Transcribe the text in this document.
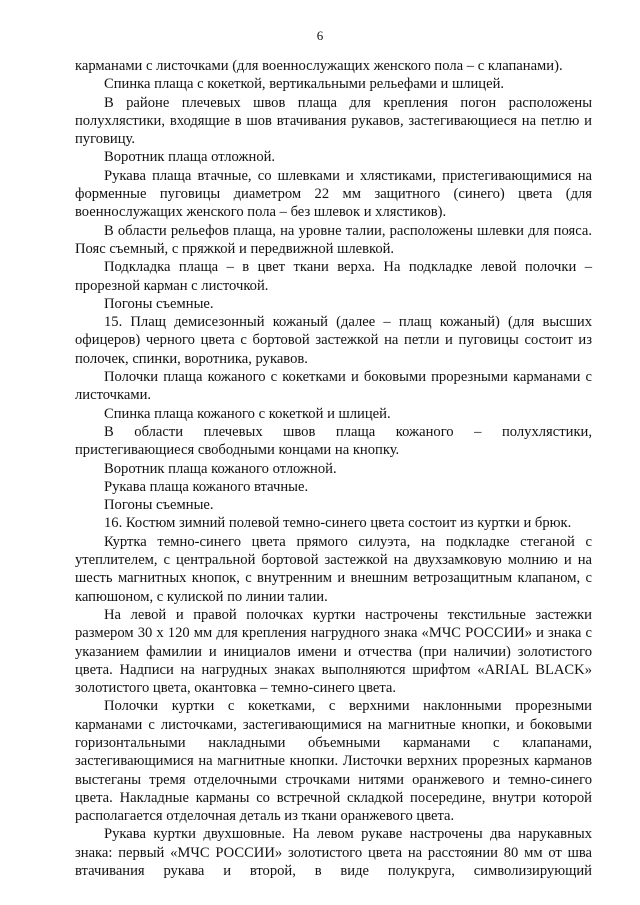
6

карманами с листочками (для военнослужащих женского пола – с клапанами).

Спинка плаща с кокеткой, вертикальными рельефами и шлицей.

В районе плечевых швов плаща для крепления погон расположены полухлястики, входящие в шов втачивания рукавов, застегивающиеся на петлю и пуговицу.

Воротник плаща отложной.

Рукава плаща втачные, со шлевками и хлястиками, пристегивающимися на форменные пуговицы диаметром 22 мм защитного (синего) цвета (для военнослужащих женского пола – без шлевок и хлястиков).

В области рельефов плаща, на уровне талии, расположены шлевки для пояса. Пояс съемный, с пряжкой и передвижной шлевкой.

Подкладка плаща – в цвет ткани верха. На подкладке левой полочки – прорезной карман с листочкой.

Погоны съемные.

15. Плащ демисезонный кожаный (далее – плащ кожаный) (для высших офицеров) черного цвета с бортовой застежкой на петли и пуговицы состоит из полочек, спинки, воротника, рукавов.

Полочки плаща кожаного с кокетками и боковыми прорезными карманами с листочками.

Спинка плаща кожаного с кокеткой и шлицей.

В области плечевых швов плаща кожаного – полухлястики, пристегивающиеся свободными концами на кнопку.

Воротник плаща кожаного отложной.

Рукава плаща кожаного втачные.

Погоны съемные.

16. Костюм зимний полевой темно-синего цвета состоит из куртки и брюк.

Куртка темно-синего цвета прямого силуэта, на подкладке стеганой с утеплителем, с центральной бортовой застежкой на двухзамковую молнию и на шесть магнитных кнопок, с внутренним и внешним ветрозащитным клапаном, с капюшоном, с кулиской по линии талии.

На левой и правой полочках куртки настрочены текстильные застежки размером 30 х 120 мм для крепления нагрудного знака «МЧС РОССИИ» и знака с указанием фамилии и инициалов имени и отчества (при наличии) золотистого цвета. Надписи на нагрудных знаках выполняются шрифтом «ARIAL BLACK» золотистого цвета, окантовка – темно-синего цвета.

Полочки куртки с кокетками, с верхними наклонными прорезными карманами с листочками, застегивающимися на магнитные кнопки, и боковыми горизонтальными накладными объемными карманами с клапанами, застегивающимися на магнитные кнопки. Листочки верхних прорезных карманов выстеганы тремя отделочными строчками нитями оранжевого и темно-синего цвета. Накладные карманы со встречной складкой посередине, внутри которой располагается отделочная деталь из ткани оранжевого цвета.

Рукава куртки двухшовные. На левом рукаве настрочены два нарукавных знака: первый «МЧС РОССИИ» золотистого цвета на расстоянии 80 мм от шва втачивания рукава и второй, в виде полукруга, символизирующий
